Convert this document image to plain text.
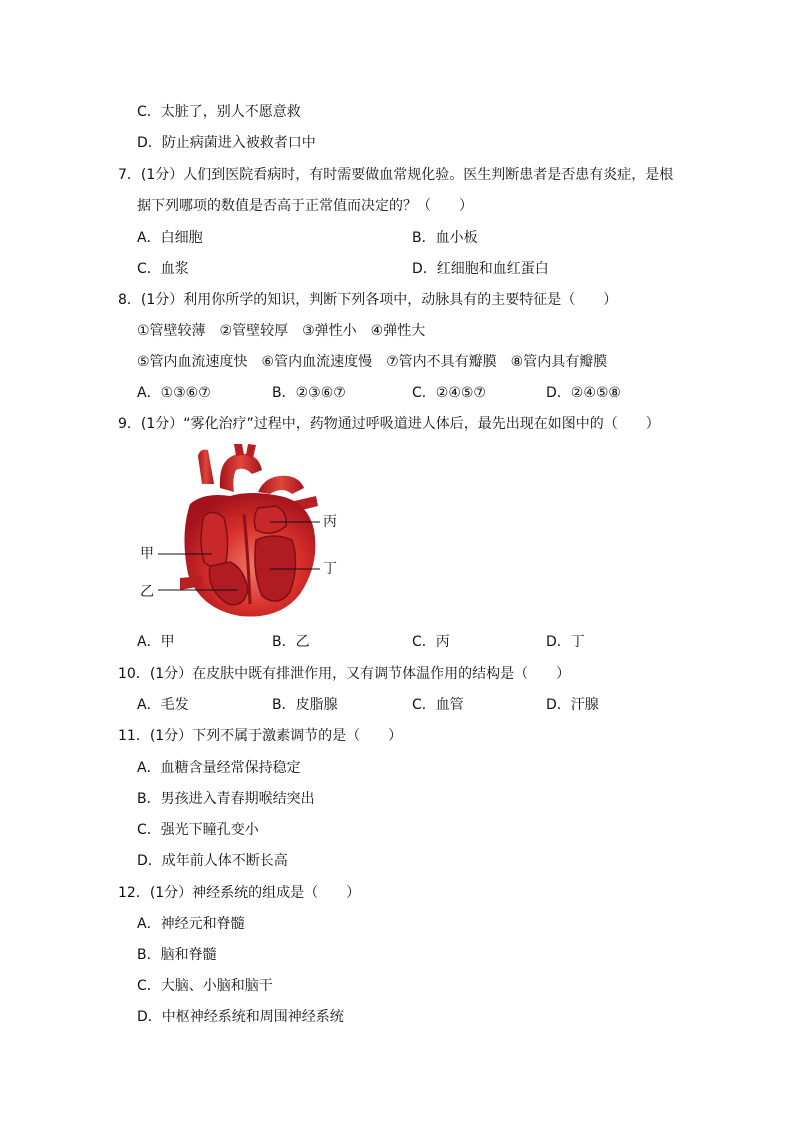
C．太脏了，别人不愿意救
D．防止病菌进入被救者口中
7．(1分）人们到医院看病时，有时需要做血常规化验。医生判断患者是否患有炎症，是根
据下列哪项的数值是否高于正常值而决定的？（　　）
A．白细胞	B．血小板
C．血浆	D．红细胞和血红蛋白
8．(1分）利用你所学的知识，判断下列各项中，动脉具有的主要特征是（　　）
①管壁较薄　②管壁较厚　③弹性小　④弹性大
⑤管内血流速度快　⑥管内血流速度慢　⑦管内不具有瓣膜　⑧管内具有瓣膜
A．①③⑥⑦	B．②③⑥⑦	C．②④⑤⑦	D．②④⑤⑧
9．(1分）“雾化治疗”过程中，药物通过呼吸道进人体后，最先出现在如图中的（　　）
甲
乙
丙
丁
A．甲	B．乙	C．丙	D．丁
10．(1分）在皮肤中既有排泄作用，又有调节体温作用的结构是（　　）
A．毛发	B．皮脂腺	C．血管	D．汗腺
11．(1分）下列不属于激素调节的是（　　）
A．血糖含量经常保持稳定
B．男孩进入青春期喉结突出
C．强光下瞳孔变小
D．成年前人体不断长高
12．(1分）神经系统的组成是（　　）
A．神经元和脊髓
B．脑和脊髓
C．大脑、小脑和脑干
D．中枢神经系统和周围神经系统
